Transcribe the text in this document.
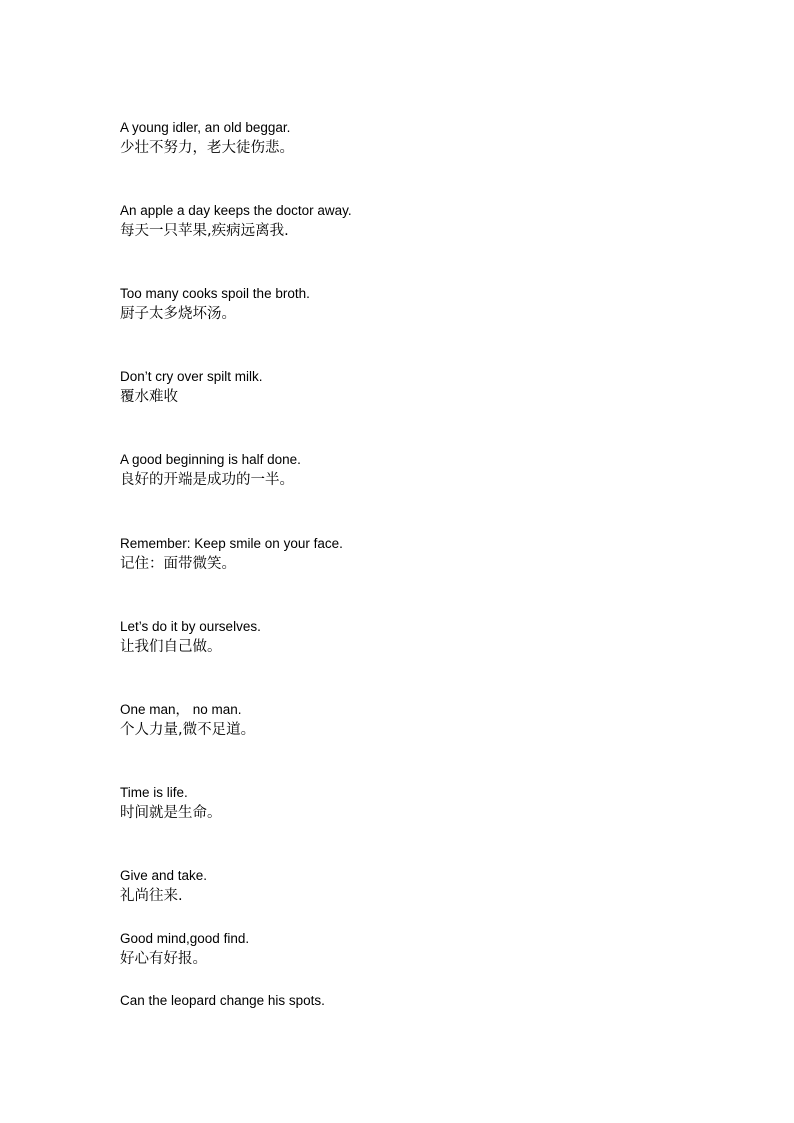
A young idler, an old beggar.
少壮不努力，老大徒伤悲。
An apple a day keeps the doctor away.
每天一只苹果,疾病远离我.
Too many cooks spoil the broth.
厨子太多烧坏汤。
Don’t cry over spilt milk.
覆水难收
A good beginning is half done.
良好的开端是成功的一半。
Remember: Keep smile on your face.
记住：面带微笑。
Let’s do it by ourselves.
让我们自己做。
One man， no man.
个人力量,微不足道。
Time is life.
时间就是生命。
Give and take.
礼尚往来.
Good mind,good find.
好心有好报。
Can the leopard change his spots.
